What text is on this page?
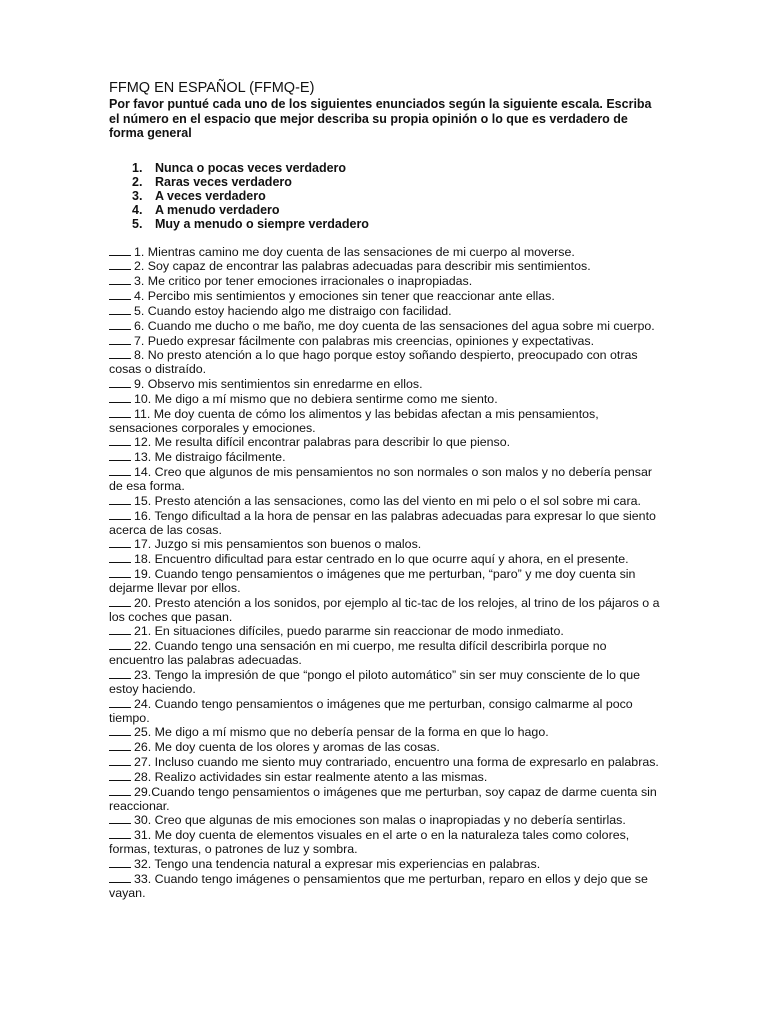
FFMQ EN ESPAÑOL (FFMQ-E)

Por favor puntué cada uno de los siguientes enunciados según la siguiente escala. Escriba el número en el espacio que mejor describa su propia opinión o lo que es verdadero de forma general

1.	Nunca o pocas veces verdadero
2.	Raras veces verdadero
3.	A veces verdadero
4.	A menudo verdadero
5.	Muy a menudo o siempre verdadero
1. Mientras camino me doy cuenta de las sensaciones de mi cuerpo al moverse.
2. Soy capaz de encontrar las palabras adecuadas para describir mis sentimientos.
3. Me critico por tener emociones irracionales o inapropiadas.
4. Percibo mis sentimientos y emociones sin tener que reaccionar ante ellas.
5. Cuando estoy haciendo algo me distraigo con facilidad.
6. Cuando me ducho o me baño, me doy cuenta de las sensaciones del agua sobre mi cuerpo.
7. Puedo expresar fácilmente con palabras mis creencias, opiniones y expectativas.
8. No presto atención a lo que hago porque estoy soñando despierto, preocupado con otras cosas o distraído.
9. Observo mis sentimientos sin enredarme en ellos.
10. Me digo a mí mismo que no debiera sentirme como me siento.
11. Me doy cuenta de cómo los alimentos y las bebidas afectan a mis pensamientos, sensaciones corporales y emociones.
12. Me resulta difícil encontrar palabras para describir lo que pienso.
13. Me distraigo fácilmente.
14. Creo que algunos de mis pensamientos no son normales o son malos y no debería pensar de esa forma.
15. Presto atención a las sensaciones, como las del viento en mi pelo o el sol sobre mi cara.
16. Tengo dificultad a la hora de pensar en las palabras adecuadas para expresar lo que siento acerca de las cosas.
17. Juzgo si mis pensamientos son buenos o malos.
18. Encuentro dificultad para estar centrado en lo que ocurre aquí y ahora, en el presente.
19. Cuando tengo pensamientos o imágenes que me perturban, “paro” y me doy cuenta sin dejarme llevar por ellos.
20. Presto atención a los sonidos, por ejemplo al tic-tac de los relojes, al trino de los pájaros o a los coches que pasan.
21. En situaciones difíciles, puedo pararme sin reaccionar de modo inmediato.
22. Cuando tengo una sensación en mi cuerpo, me resulta difícil describirla porque no encuentro las palabras adecuadas.
23. Tengo la impresión de que “pongo el piloto automático” sin ser muy consciente de lo que estoy haciendo.
24. Cuando tengo pensamientos o imágenes que me perturban, consigo calmarme al poco tiempo.
25. Me digo a mí mismo que no debería pensar de la forma en que lo hago.
26. Me doy cuenta de los olores y aromas de las cosas.
27. Incluso cuando me siento muy contrariado, encuentro una forma de expresarlo en palabras.
28. Realizo actividades sin estar realmente atento a las mismas.
29.Cuando tengo pensamientos o imágenes que me perturban, soy capaz de darme cuenta sin reaccionar.
30. Creo que algunas de mis emociones son malas o inapropiadas y no debería sentirlas.
31. Me doy cuenta de elementos visuales en el arte o en la naturaleza tales como colores, formas, texturas, o patrones de luz y sombra.
32. Tengo una tendencia natural a expresar mis experiencias en palabras.
33. Cuando tengo imágenes o pensamientos que me perturban, reparo en ellos y dejo que se vayan.
